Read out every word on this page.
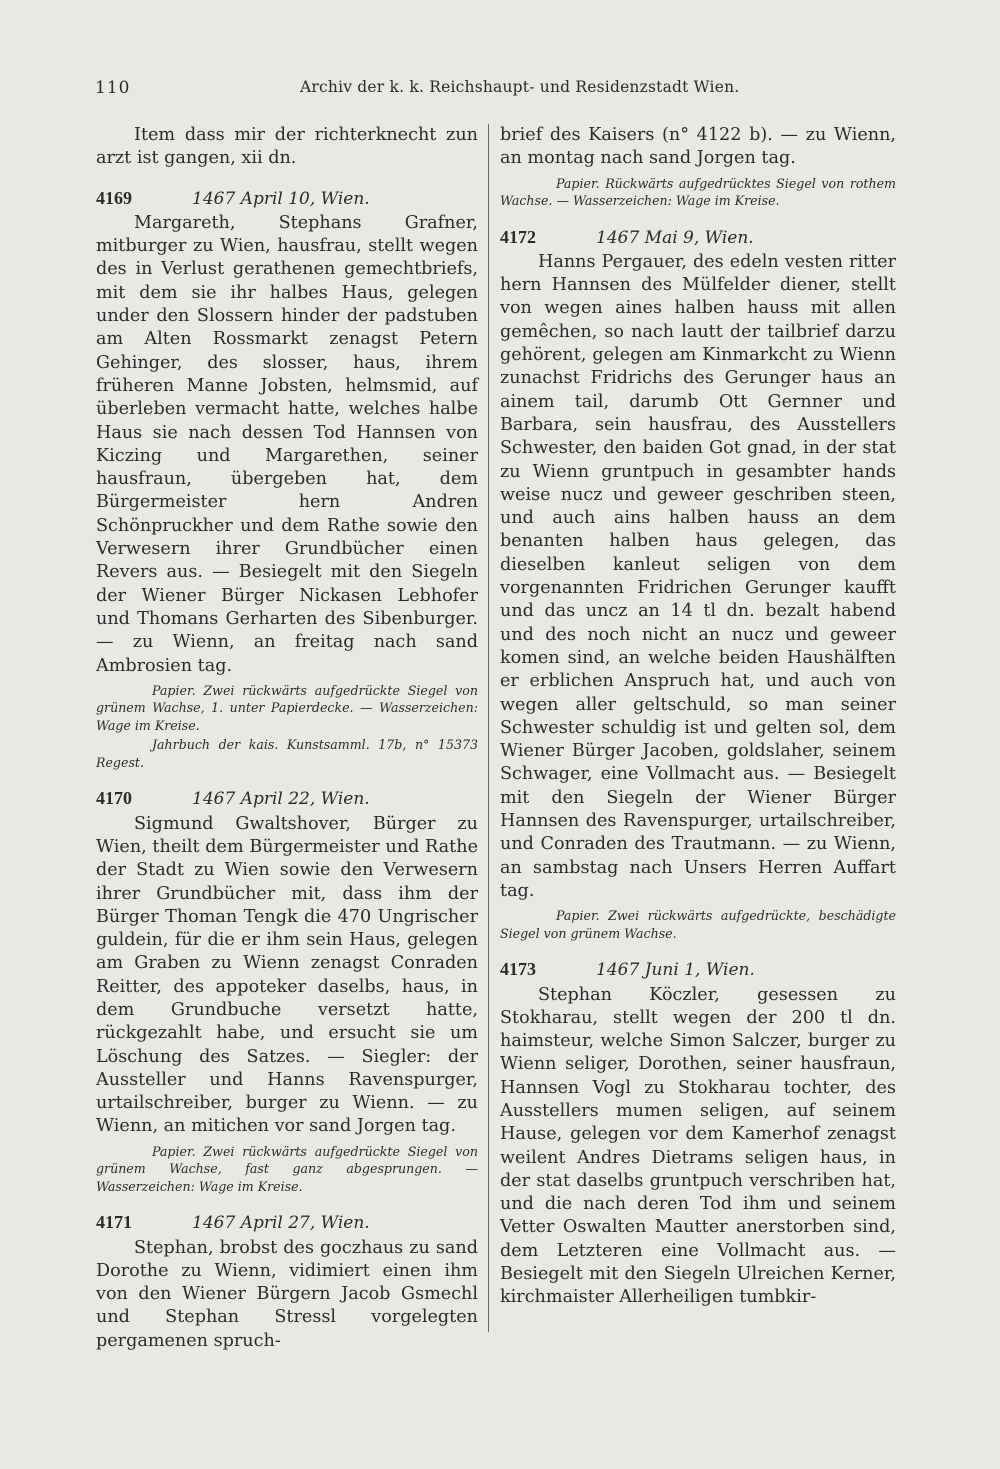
110	Archiv der k. k. Reichshaupt- und Residenzstadt Wien.

Item dass mir der richterknecht zun arzt ist gangen, xii dn.

4169	1467 April 10, Wien.

Margareth, Stephans Grafner, mitburger zu Wien, hausfrau, stellt wegen des in Verlust gerathenen gemechtbriefs, mit dem sie ihr halbes Haus, gelegen under den Slossern hinder der padstuben am Alten Rossmarkt zenagst Petern Gehinger, des slosser, haus, ihrem früheren Manne Jobsten, helmsmid, auf überleben vermacht hatte, welches halbe Haus sie nach dessen Tod Hannsen von Kiczing und Margarethen, seiner hausfraun, übergeben hat, dem Bürgermeister hern Andren Schönpruckher und dem Rathe sowie den Verwesern ihrer Grundbücher einen Revers aus. — Besiegelt mit den Siegeln der Wiener Bürger Nickasen Lebhofer und Thomans Gerharten des Sibenburger. — zu Wienn, an freitag nach sand Ambrosien tag.

Papier. Zwei rückwärts aufgedrückte Siegel von grünem Wachse, 1. unter Papierdecke. — Wasserzeichen: Wage im Kreise.

Jahrbuch der kais. Kunstsamml. 17b, n° 15373 Regest.

4170	1467 April 22, Wien.

Sigmund Gwaltshover, Bürger zu Wien, theilt dem Bürgermeister und Rathe der Stadt zu Wien sowie den Verwesern ihrer Grundbücher mit, dass ihm der Bürger Thoman Tengk die 470 Ungrischer guldein, für die er ihm sein Haus, gelegen am Graben zu Wienn zenagst Conraden Reitter, des appoteker daselbs, haus, in dem Grundbuche versetzt hatte, rückgezahlt habe, und ersucht sie um Löschung des Satzes. — Siegler: der Aussteller und Hanns Ravenspurger, urtailschreiber, burger zu Wienn. — zu Wienn, an mitichen vor sand Jorgen tag.

Papier. Zwei rückwärts aufgedrückte Siegel von grünem Wachse, fast ganz abgesprungen. — Wasserzeichen: Wage im Kreise.

4171	1467 April 27, Wien.

Stephan, brobst des goczhaus zu sand Dorothe zu Wienn, vidimiert einen ihm von den Wiener Bürgern Jacob Gsmechl und Stephan Stressl vorgelegten pergamenen spruch-

brief des Kaisers (n° 4122 b). — zu Wienn, an montag nach sand Jorgen tag.

Papier. Rückwärts aufgedrücktes Siegel von rothem Wachse. — Wasserzeichen: Wage im Kreise.

4172	1467 Mai 9, Wien.

Hanns Pergauer, des edeln vesten ritter hern Hannsen des Mülfelder diener, stellt von wegen aines halben hauss mit allen gemêchen, so nach lautt der tailbrief darzu gehörent, gelegen am Kinmarkcht zu Wienn zunachst Fridrichs des Gerunger haus an ainem tail, darumb Ott Gernner und Barbara, sein hausfrau, des Ausstellers Schwester, den baiden Got gnad, in der stat zu Wienn gruntpuch in gesambter hands weise nucz und geweer geschriben steen, und auch ains halben hauss an dem benanten halben haus gelegen, das dieselben kanleut seligen von dem vorgenannten Fridrichen Gerunger kaufft und das uncz an 14 tl dn. bezalt habend und des noch nicht an nucz und geweer komen sind, an welche beiden Haushälften er erblichen Anspruch hat, und auch von wegen aller geltschuld, so man seiner Schwester schuldig ist und gelten sol, dem Wiener Bürger Jacoben, goldslaher, seinem Schwager, eine Vollmacht aus. — Besiegelt mit den Siegeln der Wiener Bürger Hannsen des Ravenspurger, urtailschreiber, und Conraden des Trautmann. — zu Wienn, an sambstag nach Unsers Herren Auffart tag.

Papier. Zwei rückwärts aufgedrückte, beschädigte Siegel von grünem Wachse.

4173	1467 Juni 1, Wien.

Stephan Köczler, gesessen zu Stokharau, stellt wegen der 200 tl dn. haimsteur, welche Simon Salczer, burger zu Wienn seliger, Dorothen, seiner hausfraun, Hannsen Vogl zu Stokharau tochter, des Ausstellers mumen seligen, auf seinem Hause, gelegen vor dem Kamerhof zenagst weilent Andres Dietrams seligen haus, in der stat daselbs gruntpuch verschriben hat, und die nach deren Tod ihm und seinem Vetter Oswalten Mautter anerstorben sind, dem Letzteren eine Vollmacht aus. — Besiegelt mit den Siegeln Ulreichen Kerner, kirchmaister Allerheiligen tumbkir-
